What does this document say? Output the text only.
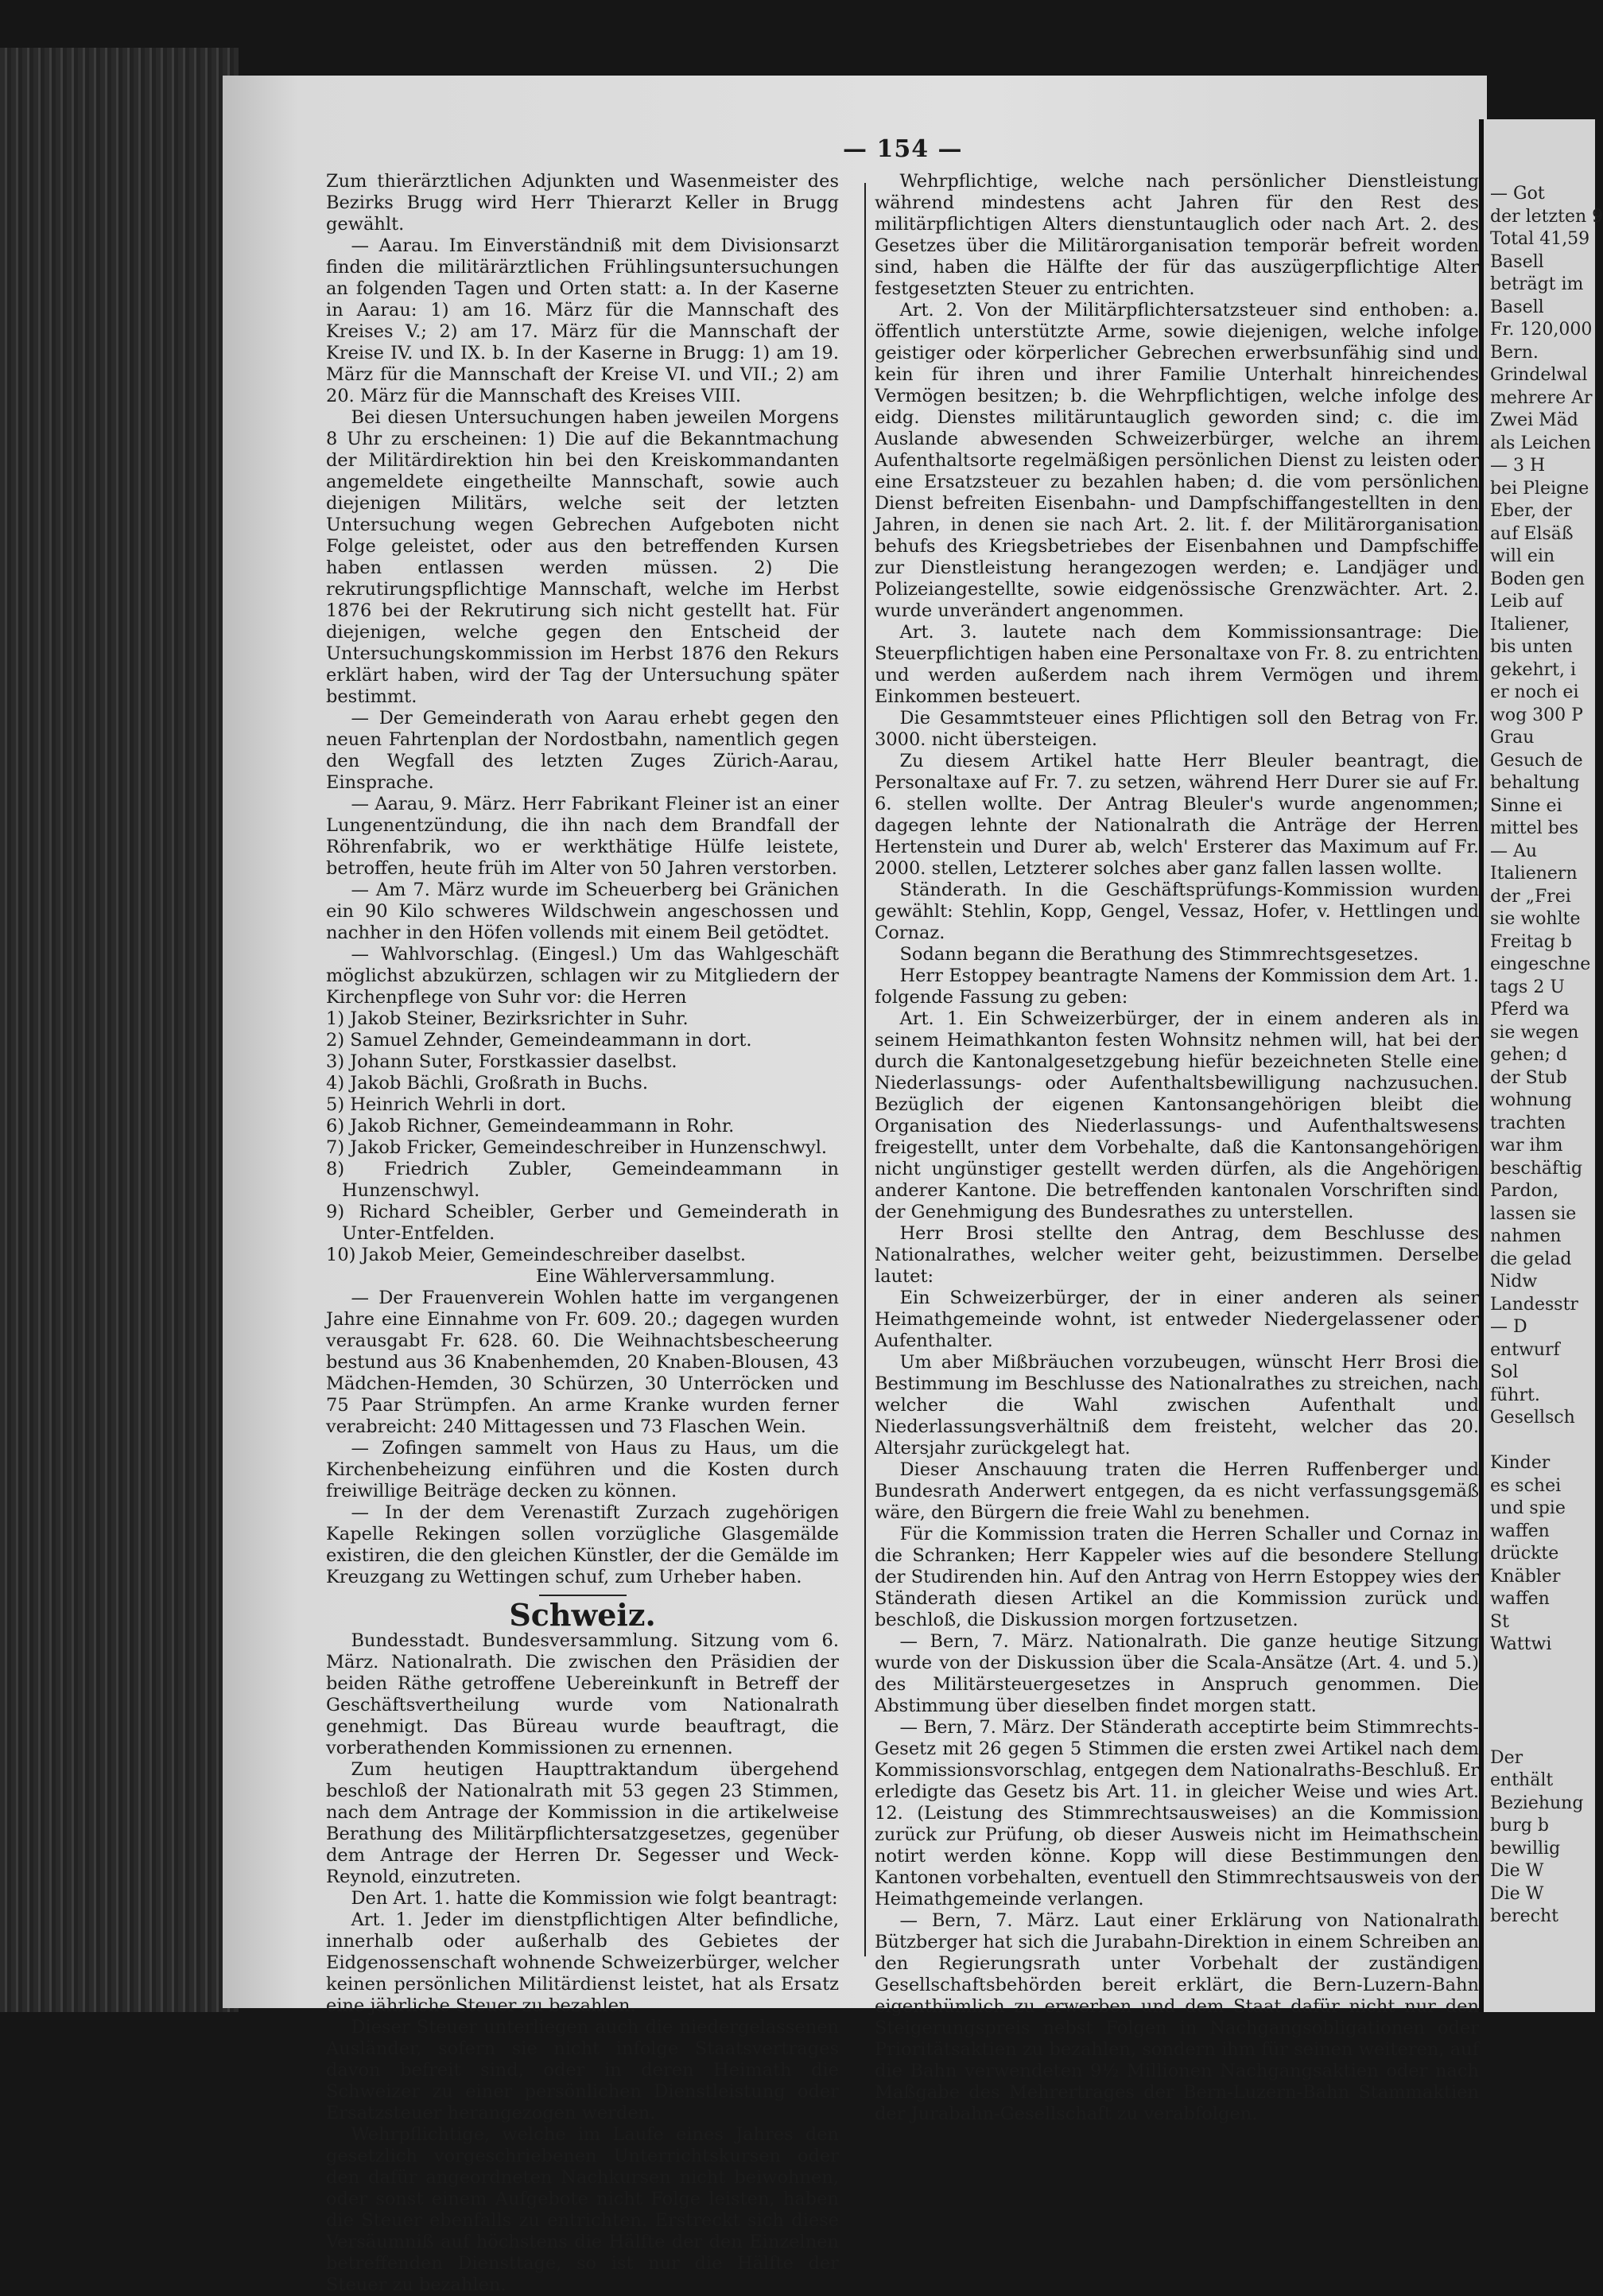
— 154 —

Zum thierärztlichen Adjunkten und Wasenmeister des Bezirks Brugg wird Herr Thierarzt Keller in Brugg gewählt.

— Aarau. Im Einverständniß mit dem Divisionsarzt finden die militärärztlichen Frühlingsuntersuchungen an folgenden Tagen und Orten statt: a. In der Kaserne in Aarau: 1) am 16. März für die Mannschaft des Kreises V.; 2) am 17. März für die Mannschaft der Kreise IV. und IX. b. In der Kaserne in Brugg: 1) am 19. März für die Mannschaft der Kreise VI. und VII.; 2) am 20. März für die Mannschaft des Kreises VIII.

Bei diesen Untersuchungen haben jeweilen Morgens 8 Uhr zu erscheinen: 1) Die auf die Bekanntmachung der Militärdirektion hin bei den Kreiskommandanten angemeldete eingetheilte Mannschaft, sowie auch diejenigen Militärs, welche seit der letzten Untersuchung wegen Gebrechen Aufgeboten nicht Folge geleistet, oder aus den betreffenden Kursen haben entlassen werden müssen. 2) Die rekrutirungspflichtige Mannschaft, welche im Herbst 1876 bei der Rekrutirung sich nicht gestellt hat. Für diejenigen, welche gegen den Entscheid der Untersuchungskommission im Herbst 1876 den Rekurs erklärt haben, wird der Tag der Untersuchung später bestimmt.

— Der Gemeinderath von Aarau erhebt gegen den neuen Fahrtenplan der Nordostbahn, namentlich gegen den Wegfall des letzten Zuges Zürich-Aarau, Einsprache.

— Aarau, 9. März. Herr Fabrikant Fleiner ist an einer Lungenentzündung, die ihn nach dem Brandfall der Röhrenfabrik, wo er werkthätige Hülfe leistete, betroffen, heute früh im Alter von 50 Jahren verstorben.

— Am 7. März wurde im Scheuerberg bei Gränichen ein 90 Kilo schweres Wildschwein angeschossen und nachher in den Höfen vollends mit einem Beil getödtet.

— Wahlvorschlag. (Eingesl.) Um das Wahlgeschäft möglichst abzukürzen, schlagen wir zu Mitgliedern der Kirchenpflege von Suhr vor: die Herren

1) Jakob Steiner, Bezirksrichter in Suhr.

2) Samuel Zehnder, Gemeindeammann in dort.

3) Johann Suter, Forstkassier daselbst.

4) Jakob Bächli, Großrath in Buchs.

5) Heinrich Wehrli in dort.

6) Jakob Richner, Gemeindeammann in Rohr.

7) Jakob Fricker, Gemeindeschreiber in Hunzenschwyl.

8) Friedrich Zubler, Gemeindeammann in Hunzenschwyl.

9) Richard Scheibler, Gerber und Gemeinderath in Unter-Entfelden.

10) Jakob Meier, Gemeindeschreiber daselbst.

Eine Wählerversammlung.

— Der Frauenverein Wohlen hatte im vergangenen Jahre eine Einnahme von Fr. 609. 20.; dagegen wurden verausgabt Fr. 628. 60. Die Weihnachtsbescheerung bestund aus 36 Knabenhemden, 20 Knaben-Blousen, 43 Mädchen-Hemden, 30 Schürzen, 30 Unterröcken und 75 Paar Strümpfen. An arme Kranke wurden ferner verabreicht: 240 Mittagessen und 73 Flaschen Wein.

— Zofingen sammelt von Haus zu Haus, um die Kirchenbeheizung einführen und die Kosten durch freiwillige Beiträge decken zu können.

— In der dem Verenastift Zurzach zugehörigen Kapelle Rekingen sollen vorzügliche Glasgemälde existiren, die den gleichen Künstler, der die Gemälde im Kreuzgang zu Wettingen schuf, zum Urheber haben.

Schweiz.

Bundesstadt. Bundesversammlung. Sitzung vom 6. März. Nationalrath. Die zwischen den Präsidien der beiden Räthe getroffene Uebereinkunft in Betreff der Geschäftsvertheilung wurde vom Nationalrath genehmigt. Das Büreau wurde beauftragt, die vorberathenden Kommissionen zu ernennen.

Zum heutigen Haupttraktandum übergehend beschloß der Nationalrath mit 53 gegen 23 Stimmen, nach dem Antrage der Kommission in die artikelweise Berathung des Militärpflichtersatzgesetzes, gegenüber dem Antrage der Herren Dr. Segesser und Weck-Reynold, einzutreten.

Den Art. 1. hatte die Kommission wie folgt beantragt:

Art. 1. Jeder im dienstpflichtigen Alter befindliche, innerhalb oder außerhalb des Gebietes der Eidgenossenschaft wohnende Schweizerbürger, welcher keinen persönlichen Militärdienst leistet, hat als Ersatz eine jährliche Steuer zu bezahlen.

Dieser Steuer unterliegen auch die niedergelassenen Ausländer, sofern sie nicht infolge Staatsvertrages davon befreit sind, oder in deren Heimath die Schweizer zu einer persönlichen Dienstleistung oder Ersatzsteuer herangezogen werden.

Wehrpflichtige, welche im Laufe eines Jahres den gesetzlich vorgeschriebenen Unterrichtskursen oder den dafür angeordneten Nachkursen nicht beiwohnen, oder sonst einem Aufgebote nicht Folge leisten, haben die Steuer ebenfalls zu entrichten. Erstreckt sich diese Versäumniß auf höchstens die Hälfte der den Einzelnen betreffenden Diensttage, so ist nur die Hälfte der Steuer zu bezahlen.

Wehrpflichtige, welche nach persönlicher Dienstleistung während mindestens acht Jahren für den Rest des militärpflichtigen Alters dienstuntauglich oder nach Art. 2. des Gesetzes über die Militärorganisation temporär befreit worden sind, haben die Hälfte der für das auszügerpflichtige Alter festgesetzten Steuer zu entrichten.

Art. 2. Von der Militärpflichtersatzsteuer sind enthoben: a. öffentlich unterstützte Arme, sowie diejenigen, welche infolge geistiger oder körperlicher Gebrechen erwerbsunfähig sind und kein für ihren und ihrer Familie Unterhalt hinreichendes Vermögen besitzen; b. die Wehrpflichtigen, welche infolge des eidg. Dienstes militäruntauglich geworden sind; c. die im Auslande abwesenden Schweizerbürger, welche an ihrem Aufenthaltsorte regelmäßigen persönlichen Dienst zu leisten oder eine Ersatzsteuer zu bezahlen haben; d. die vom persönlichen Dienst befreiten Eisenbahn- und Dampfschiffangestellten in den Jahren, in denen sie nach Art. 2. lit. f. der Militärorganisation behufs des Kriegsbetriebes der Eisenbahnen und Dampfschiffe zur Dienstleistung herangezogen werden; e. Landjäger und Polizeiangestellte, sowie eidgenössische Grenzwächter. Art. 2. wurde unverändert angenommen.

Art. 3. lautete nach dem Kommissionsantrage: Die Steuerpflichtigen haben eine Personaltaxe von Fr. 8. zu entrichten und werden außerdem nach ihrem Vermögen und ihrem Einkommen besteuert.

Die Gesammtsteuer eines Pflichtigen soll den Betrag von Fr. 3000. nicht übersteigen.

Zu diesem Artikel hatte Herr Bleuler beantragt, die Personaltaxe auf Fr. 7. zu setzen, während Herr Durer sie auf Fr. 6. stellen wollte. Der Antrag Bleuler's wurde angenommen; dagegen lehnte der Nationalrath die Anträge der Herren Hertenstein und Durer ab, welch' Ersterer das Maximum auf Fr. 2000. stellen, Letzterer solches aber ganz fallen lassen wollte.

Ständerath. In die Geschäftsprüfungs-Kommission wurden gewählt: Stehlin, Kopp, Gengel, Vessaz, Hofer, v. Hettlingen und Cornaz.

Sodann begann die Berathung des Stimmrechtsgesetzes.

Herr Estoppey beantragte Namens der Kommission dem Art. 1. folgende Fassung zu geben:

Art. 1. Ein Schweizerbürger, der in einem anderen als in seinem Heimathkanton festen Wohnsitz nehmen will, hat bei der durch die Kantonalgesetzgebung hiefür bezeichneten Stelle eine Niederlassungs- oder Aufenthaltsbewilligung nachzusuchen. Bezüglich der eigenen Kantonsangehörigen bleibt die Organisation des Niederlassungs- und Aufenthaltswesens freigestellt, unter dem Vorbehalte, daß die Kantonsangehörigen nicht ungünstiger gestellt werden dürfen, als die Angehörigen anderer Kantone. Die betreffenden kantonalen Vorschriften sind der Genehmigung des Bundesrathes zu unterstellen.

Herr Brosi stellte den Antrag, dem Beschlusse des Nationalrathes, welcher weiter geht, beizustimmen. Derselbe lautet:

Ein Schweizerbürger, der in einer anderen als seiner Heimathgemeinde wohnt, ist entweder Niedergelassener oder Aufenthalter.

Um aber Mißbräuchen vorzubeugen, wünscht Herr Brosi die Bestimmung im Beschlusse des Nationalrathes zu streichen, nach welcher die Wahl zwischen Aufenthalt und Niederlassungsverhältniß dem freisteht, welcher das 20. Altersjahr zurückgelegt hat.

Dieser Anschauung traten die Herren Ruffenberger und Bundesrath Anderwert entgegen, da es nicht verfassungsgemäß wäre, den Bürgern die freie Wahl zu benehmen.

Für die Kommission traten die Herren Schaller und Cornaz in die Schranken; Herr Kappeler wies auf die besondere Stellung der Studirenden hin. Auf den Antrag von Herrn Estoppey wies der Ständerath diesen Artikel an die Kommission zurück und beschloß, die Diskussion morgen fortzusetzen.

— Bern, 7. März. Nationalrath. Die ganze heutige Sitzung wurde von der Diskussion über die Scala-Ansätze (Art. 4. und 5.) des Militärsteuergesetzes in Anspruch genommen. Die Abstimmung über dieselben findet morgen statt.

— Bern, 7. März. Der Ständerath acceptirte beim Stimmrechts-Gesetz mit 26 gegen 5 Stimmen die ersten zwei Artikel nach dem Kommissionsvorschlag, entgegen dem Nationalraths-Beschluß. Er erledigte das Gesetz bis Art. 11. in gleicher Weise und wies Art. 12. (Leistung des Stimmrechtsausweises) an die Kommission zurück zur Prüfung, ob dieser Ausweis nicht im Heimathschein notirt werden könne. Kopp will diese Bestimmungen den Kantonen vorbehalten, eventuell den Stimmrechtsausweis von der Heimathgemeinde verlangen.

— Bern, 7. März. Laut einer Erklärung von Nationalrath Bützberger hat sich die Jurabahn-Direktion in einem Schreiben an den Regierungsrath unter Vorbehalt der zuständigen Gesellschaftsbehörden bereit erklärt, die Bern-Luzern-Bahn eigenthümlich zu erwerben und dem Staat dafür nicht nur den Steigerungspreis nebst Folgen in Nachgangsobligationen oder Prioritätsaktien zu bezahlen, sondern ihm für seinen weiteren, auf die Bahn verwendeten 9½ Millionen Nachgangsaktien oder nach Maßgabe des Mehrertrages der Bern-Luzern-Bahn Stammaktien der Jurabahn-Gesellschaft zu verabfolgen.

— Got
der letzten 9
Total 41,59
Basell
beträgt im
Basell
Fr. 120,000
Bern.
Grindelwal
mehrere Ar
Zwei Mäd
als Leichen
— 3 H
bei Pleigne
Eber, der
auf Elsäß
will ein
Boden gen
Leib auf
Italiener,
bis unten
gekehrt, i
er noch ei
wog 300 P
Grau
Gesuch de
behaltung
Sinne ei
mittel bes
— Au
Italienern
der „Frei
sie wohlte
Freitag b
eingeschne
tags 2 U
Pferd wa
sie wegen
gehen; d
der Stub
wohnung
trachten
war ihm
beschäftig
Pardon,
lassen sie
nahmen
die gelad
Nidw
Landesstr
— D
entwurf
Sol
führt.
Gesellsch
Kinder
es schei
und spie
waffen
drückte
Knäbler
waffen
St
Wattwi
Der
enthält
Beziehung
burg b
bewillig
Die W
Die W
berecht
